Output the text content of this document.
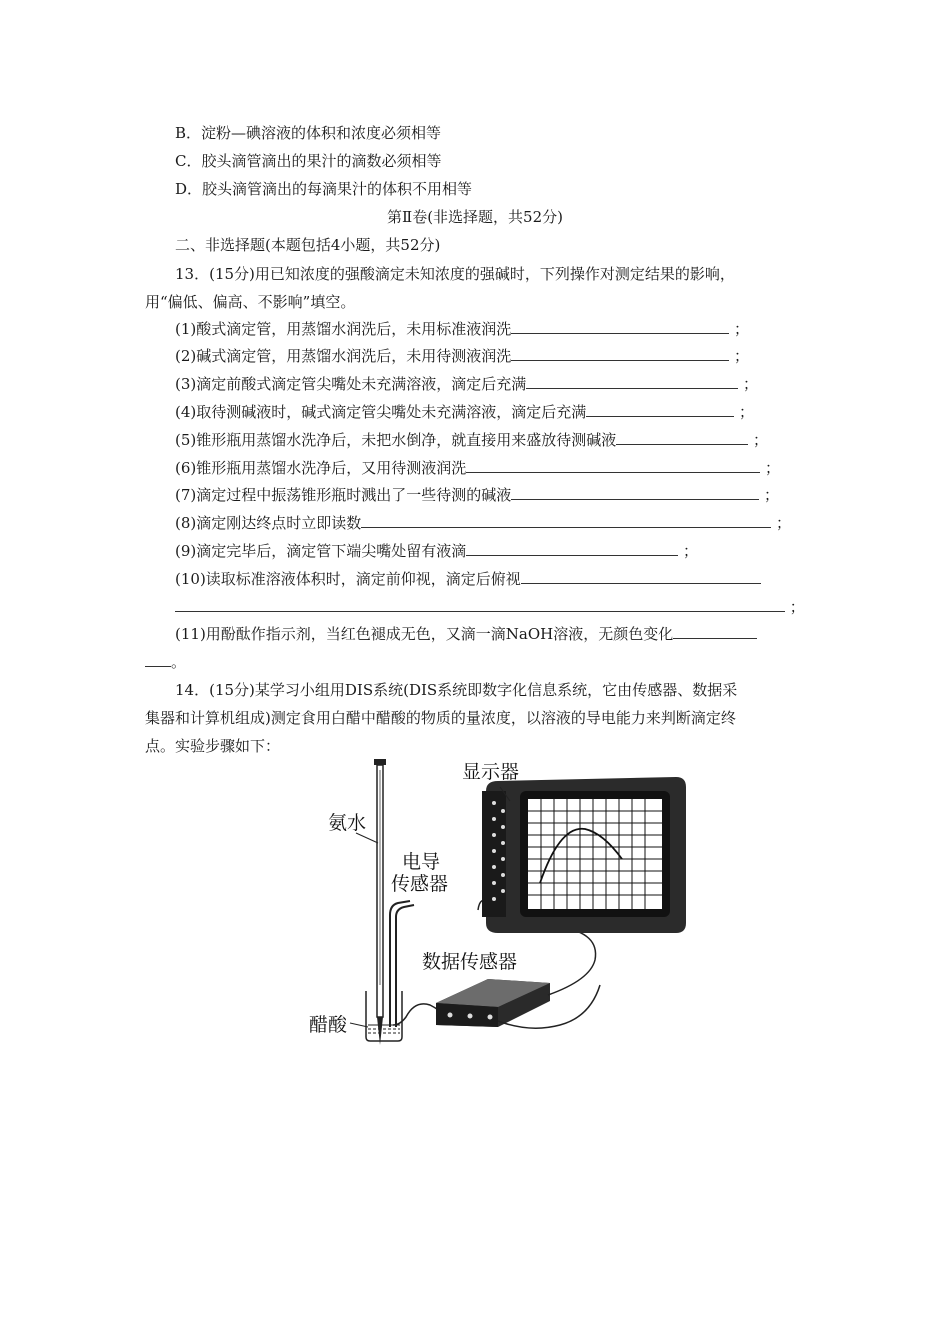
B．淀粉—碘溶液的体积和浓度必须相等
C．胶头滴管滴出的果汁的滴数必须相等
D．胶头滴管滴出的每滴果汁的体积不用相等
第Ⅱ卷(非选择题，共52分)
二、非选择题(本题包括4小题，共52分)
13．(15分)用已知浓度的强酸滴定未知浓度的强碱时，下列操作对测定结果的影响，
用“偏低、偏高、不影响”填空。
(1)酸式滴定管，用蒸馏水润洗后，未用标准液润洗	；
(2)碱式滴定管，用蒸馏水润洗后，未用待测液润洗	；
(3)滴定前酸式滴定管尖嘴处未充满溶液，滴定后充满	；
(4)取待测碱液时，碱式滴定管尖嘴处未充满溶液，滴定后充满	；
(5)锥形瓶用蒸馏水洗净后，未把水倒净，就直接用来盛放待测碱液	；
(6)锥形瓶用蒸馏水洗净后，又用待测液润洗	；
(7)滴定过程中振荡锥形瓶时溅出了一些待测的碱液	；
(8)滴定刚达终点时立即读数	；
(9)滴定完毕后，滴定管下端尖嘴处留有液滴	；
(10)读取标准溶液体积时，滴定前仰视，滴定后俯视
；
(11)用酚酞作指示剂，当红色褪成无色，又滴一滴NaOH溶液，无颜色变化
。
14．(15分)某学习小组用DIS系统(DIS系统即数字化信息系统，它由传感器、数据采
集器和计算机组成)测定食用白醋中醋酸的物质的量浓度，以溶液的导电能力来判断滴定终
点。实验步骤如下：
氨水
醋酸
电导
传感器
数据传感器
显示器
